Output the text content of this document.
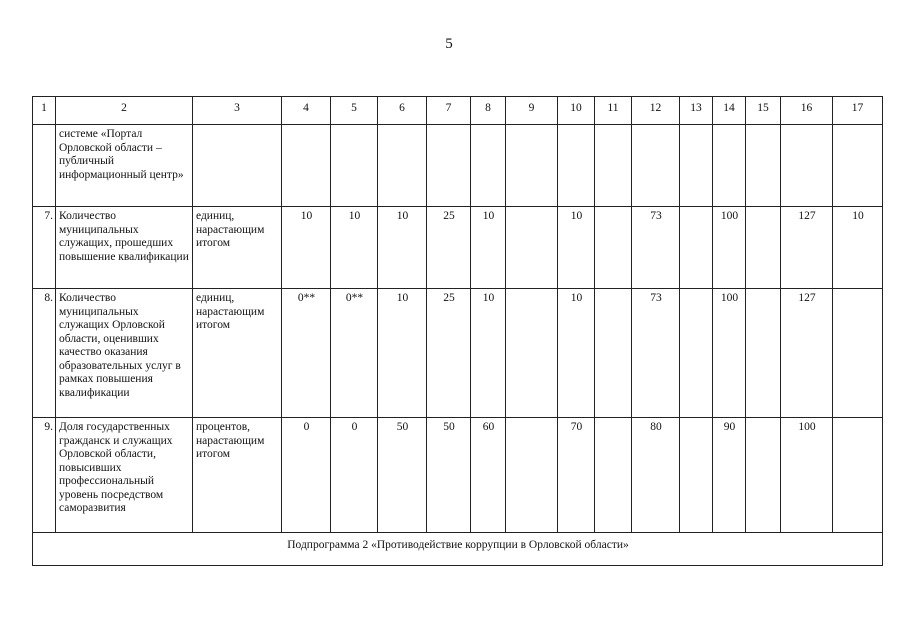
5
1	2	3	4	5	6	7	8	9	10	11	12	13	14	15	16	17
	системе «Портал Орловской области – публичный информационный центр»															
7.	Количество муниципальных служащих, прошедших повышение квалификации	единиц, нарастающим итогом	10	10	10	25	10		10		73		100		127	10
8.	Количество муниципальных служащих Орловской области, оценивших качество оказания образовательных услуг в рамках повышения квалификации	единиц, нарастающим итогом	0**	0**	10	25	10		10		73		100		127	
9.	Доля государственных гражданск и служащих Орловской области, повысивших профессиональный уровень посредством саморазвития	процентов, нарастающим итогом	0	0	50	50	60		70		80		90		100	
Подпрограмма 2 «Противодействие коррупции в Орловской области»																
